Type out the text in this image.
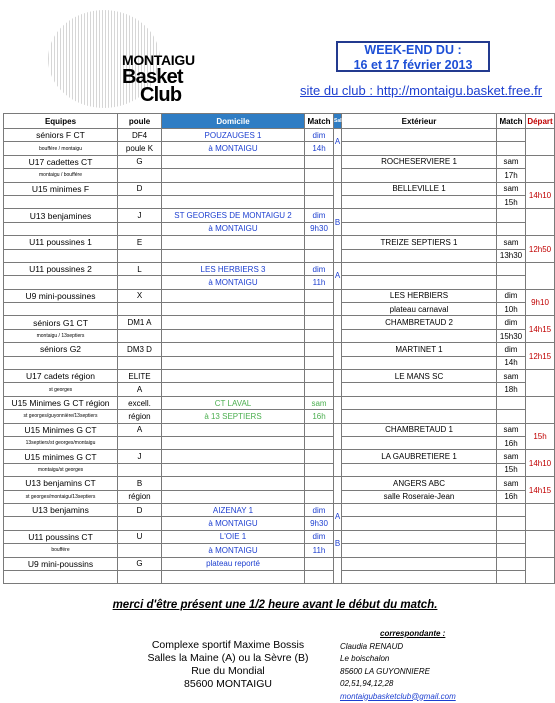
MONTAIGU
Basket
Club
WEEK-END DU :
16 et 17 février 2013
site du club : http://montaigu.basket.free.fr
Equipes	poule	Domicile	Match	Salle	Extérieur	Match	Départ
séniors F CT	DF4	POUZAUGES 1	dim	A			
bouffére / montaigu	poule K	à MONTAIGU	14h				
U17 cadettes CT	G				ROCHESERVIERE 1	sam	
montaigu / bouffére						17h	
U15 minimes F	D				BELLEVILLE 1	sam	14h10
						15h	
U13 benjamines	J	ST GEORGES DE MONTAIGU 2	dim	B			
		à MONTAIGU	9h30				
U11 poussines 1	E				TREIZE SEPTIERS 1	sam	12h50
						13h30	
U11 poussines 2	L	LES HERBIERS 3	dim	A			
		à MONTAIGU	11h				
U9 mini-poussines	X				LES HERBIERS	dim	9h10
					plateau carnaval	10h	
séniors G1 CT	DM1 A				CHAMBRETAUD 2	dim	14h15
montaigu / 13septiers						15h30	
séniors G2	DM3 D				MARTINET 1	dim	12h15
						14h	
U17 cadets région	ELITE				LE MANS SC	sam	
st georges	A					18h	
U15 Minimes G CT région	excell.	CT LAVAL	sam				
st georges/guyonnière/13septiers	région	à 13 SEPTIERS	16h				
U15 Minimes G CT	A				CHAMBRETAUD 1	sam	15h
13septiers/st georges/montaigu						16h	
U15 minimes G CT	J				LA GAUBRETIERE 1	sam	14h10
montaigu/st georges						15h	
U13 benjamins CT	B				ANGERS ABC	sam	14h15
st georges/montaigu/13septiers	région				salle Roseraie-Jean	16h	
U13 benjamins	D	AIZENAY 1	dim	A			
		à MONTAIGU	9h30				
U11 poussins CT	U	L'OIE 1	dim	B			
bouffére		à MONTAIGU	11h				
U9 mini-poussins	G	plateau reporté					

merci d'être présent une 1/2 heure avant le début du match.
Complexe sportif Maxime Bossis
Salles la Maine (A) ou la Sèvre (B)
Rue du Mondial
85600 MONTAIGU
correspondante :
Claudia RENAUD
Le boischalon
85600 LA GUYONNIERE
02,51,94,12,28
montaigubasketclub@gmail.com
